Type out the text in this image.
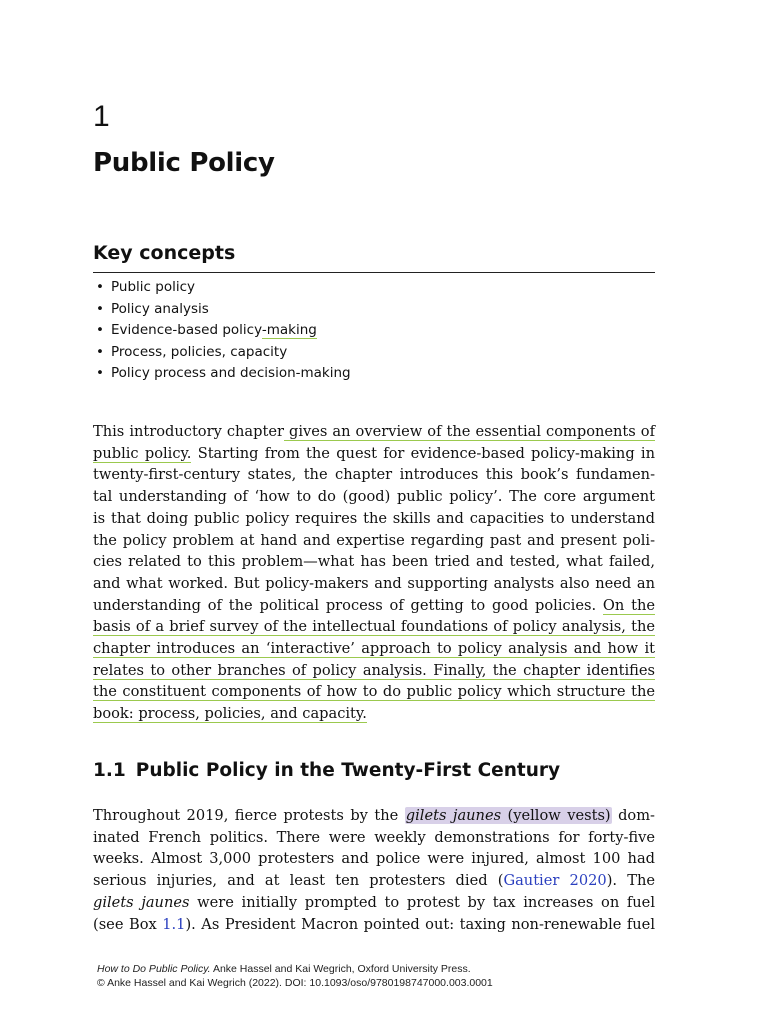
1
Public Policy
Key concepts
• Public policy
• Policy analysis
• Evidence-based policy-making
• Process, policies, capacity
• Policy process and decision-making
This introductory chapter gives an overview of the essential components of
public policy. Starting from the quest for evidence-based policy-making in
twenty-first-century states, the chapter introduces this book’s fundamen-
tal understanding of ‘how to do (good) public policy’. The core argument
is that doing public policy requires the skills and capacities to understand
the policy problem at hand and expertise regarding past and present poli-
cies related to this problem—what has been tried and tested, what failed,
and what worked. But policy-makers and supporting analysts also need an
understanding of the political process of getting to good policies. On the
basis of a brief survey of the intellectual foundations of policy analysis, the
chapter introduces an ‘interactive’ approach to policy analysis and how it
relates to other branches of policy analysis. Finally, the chapter identifies
the constituent components of how to do public policy which structure the
book: process, policies, and capacity.
1.1 Public Policy in the Twenty-First Century
Throughout 2019, fierce protests by the gilets jaunes (yellow vests) dom-
inated French politics. There were weekly demonstrations for forty-five
weeks. Almost 3,000 protesters and police were injured, almost 100 had
serious injuries, and at least ten protesters died (Gautier 2020). The
gilets jaunes were initially prompted to protest by tax increases on fuel
(see Box 1.1). As President Macron pointed out: taxing non-renewable fuel
How to Do Public Policy. Anke Hassel and Kai Wegrich, Oxford University Press.
© Anke Hassel and Kai Wegrich (2022). DOI: 10.1093/oso/9780198747000.003.0001
